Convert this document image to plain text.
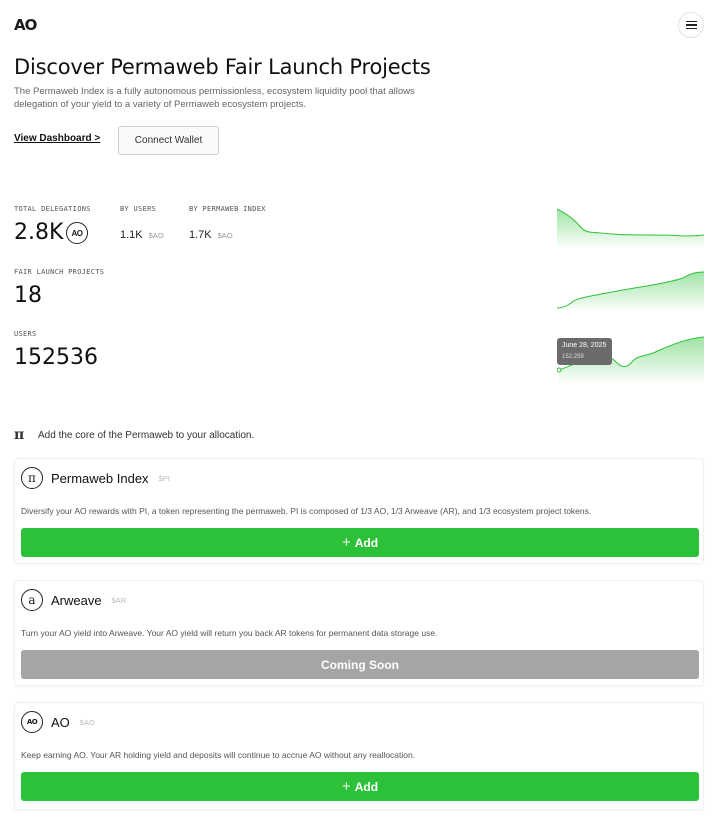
AO
Discover Permaweb Fair Launch Projects
The Permaweb Index is a fully autonomous permissionless, ecosystem liquidity pool that allows delegation of your yield to a variety of Permaweb ecosystem projects.
View Dashboard >	Connect Wallet
TOTAL DELEGATIONS
2.8K	AO
BY USERS
1.1K $AO
BY PERMAWEB INDEX
1.7K $AO
FAIR LAUNCH PROJECTS
18
USERS
152536	June 28, 2025
152,259
π	Add the core of the Permaweb to your allocation.
π	Permaweb Index $PI
Diversify your AO rewards with PI, a token representing the permaweb. PI is composed of 1/3 AO, 1/3 Arweave (AR), and 1/3 ecosystem project tokens.
+ Add
a	Arweave $AR
Turn your AO yield into Arweave. Your AO yield will return you back AR tokens for permanent data storage use.
Coming Soon
AO	AO $AO
Keep earning AO. Your AR holding yield and deposits will continue to accrue AO without any reallocation.
+ Add
